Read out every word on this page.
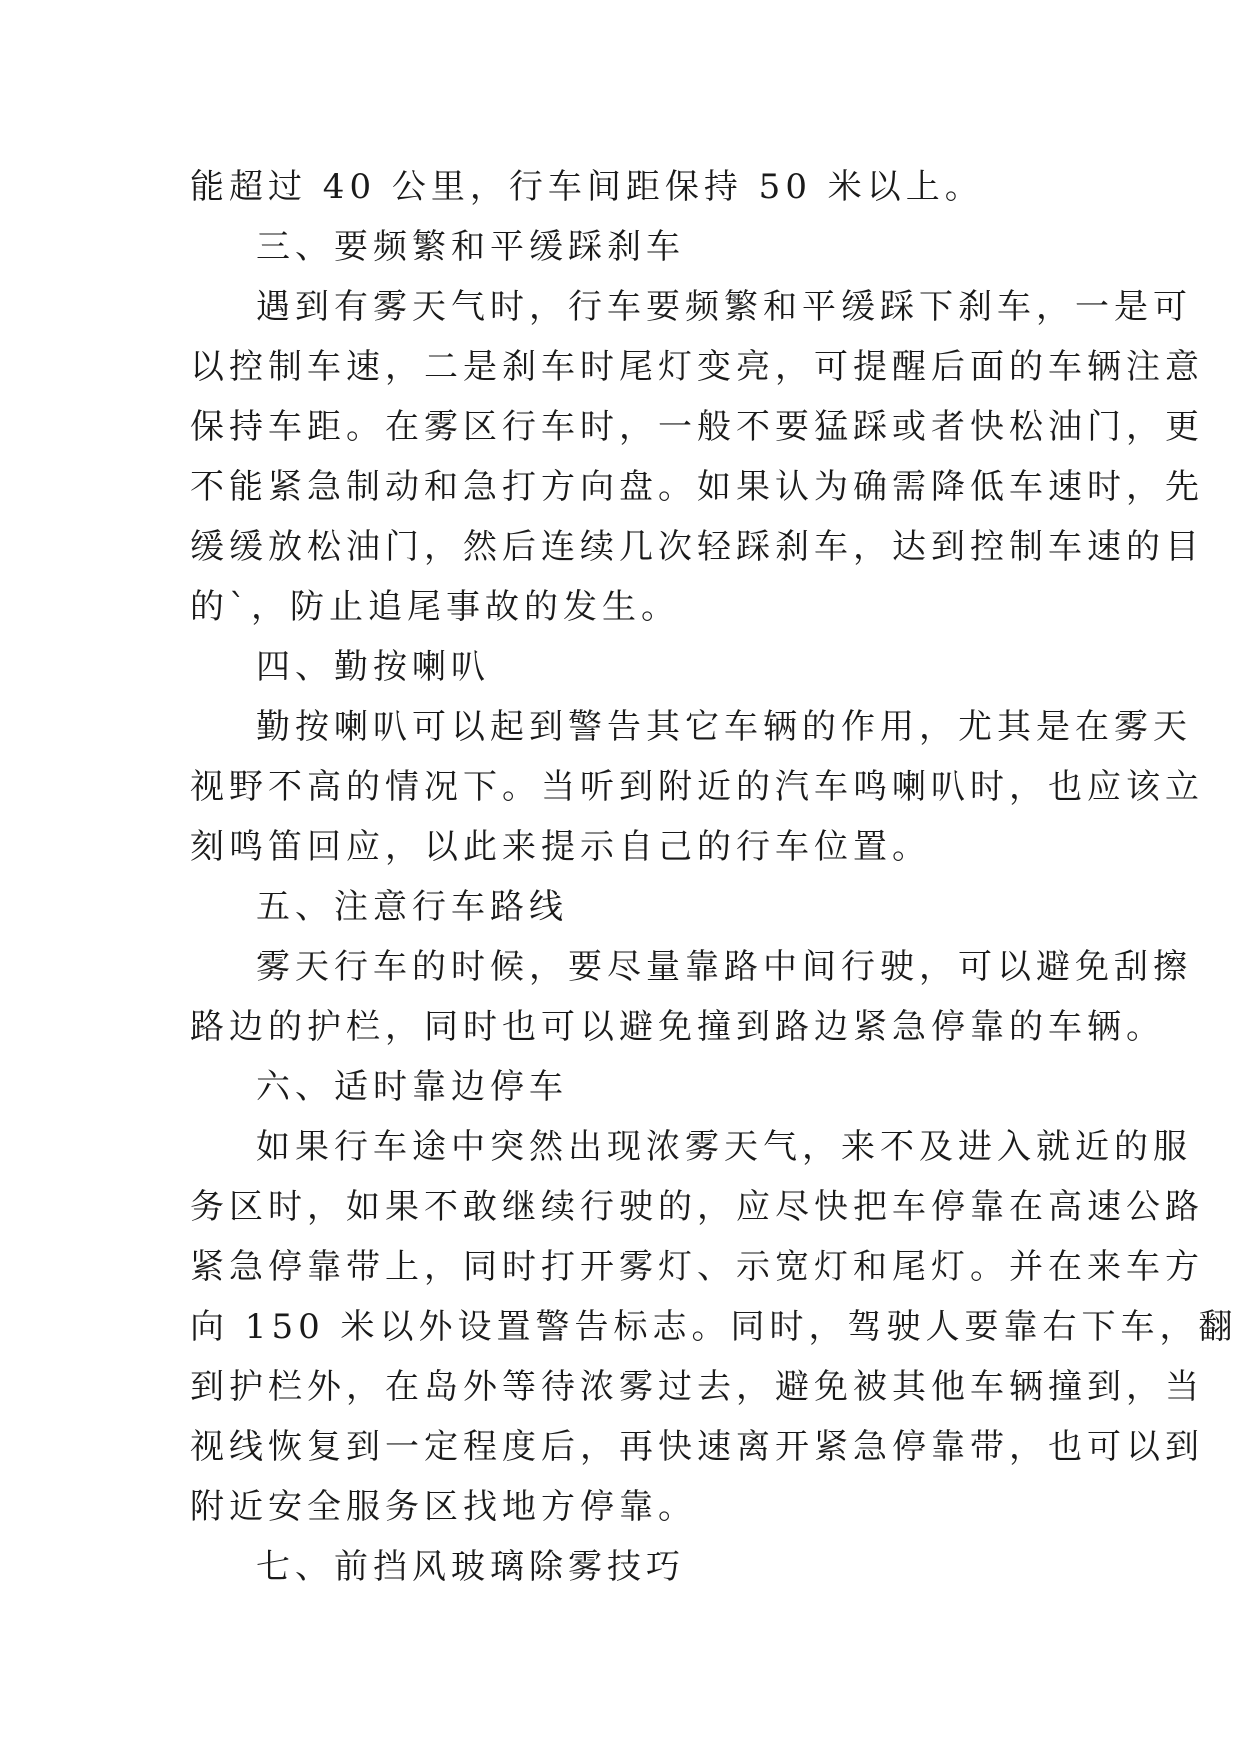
能超过 40 公里，行车间距保持 50 米以上。
三、要频繁和平缓踩刹车
遇到有雾天气时，行车要频繁和平缓踩下刹车，一是可
以控制车速，二是刹车时尾灯变亮，可提醒后面的车辆注意
保持车距。在雾区行车时，一般不要猛踩或者快松油门，更
不能紧急制动和急打方向盘。如果认为确需降低车速时，先
缓缓放松油门，然后连续几次轻踩刹车，达到控制车速的目
的`，防止追尾事故的发生。
四、勤按喇叭
勤按喇叭可以起到警告其它车辆的作用，尤其是在雾天
视野不高的情况下。当听到附近的汽车鸣喇叭时，也应该立
刻鸣笛回应，以此来提示自己的行车位置。
五、注意行车路线
雾天行车的时候，要尽量靠路中间行驶，可以避免刮擦
路边的护栏，同时也可以避免撞到路边紧急停靠的车辆。
六、适时靠边停车
如果行车途中突然出现浓雾天气，来不及进入就近的服
务区时，如果不敢继续行驶的，应尽快把车停靠在高速公路
紧急停靠带上，同时打开雾灯、示宽灯和尾灯。并在来车方
向 150 米以外设置警告标志。同时，驾驶人要靠右下车，翻
到护栏外，在岛外等待浓雾过去，避免被其他车辆撞到，当
视线恢复到一定程度后，再快速离开紧急停靠带，也可以到
附近安全服务区找地方停靠。
七、前挡风玻璃除雾技巧
